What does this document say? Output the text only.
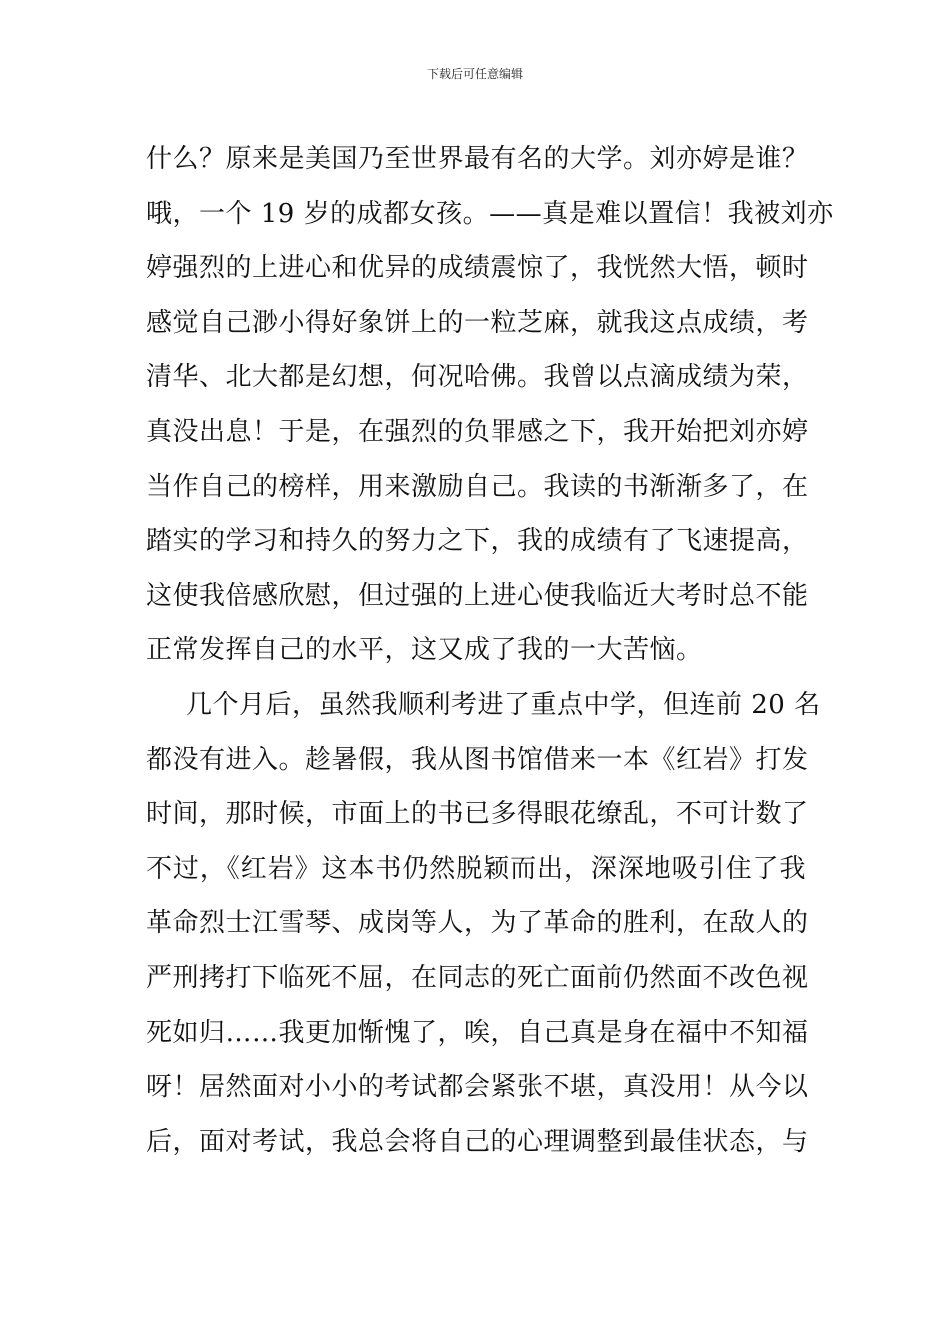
下载后可任意编辑
什么？原来是美国乃至世界最有名的大学。刘亦婷是谁？
哦，一个 19 岁的成都女孩。——真是难以置信！我被刘亦
婷强烈的上进心和优异的成绩震惊了，我恍然大悟，顿时
感觉自己渺小得好象饼上的一粒芝麻，就我这点成绩，考
清华、北大都是幻想，何况哈佛。我曾以点滴成绩为荣，
真没出息！于是，在强烈的负罪感之下，我开始把刘亦婷
当作自己的榜样，用来激励自己。我读的书渐渐多了，在
踏实的学习和持久的努力之下，我的成绩有了飞速提高，
这使我倍感欣慰，但过强的上进心使我临近大考时总不能
正常发挥自己的水平，这又成了我的一大苦恼。
几个月后，虽然我顺利考进了重点中学，但连前 20 名
都没有进入。趁暑假，我从图书馆借来一本《红岩》打发
时间，那时候，市面上的书已多得眼花缭乱，不可计数了
不过，《红岩》这本书仍然脱颖而出，深深地吸引住了我
革命烈士江雪琴、成岗等人，为了革命的胜利，在敌人的
严刑拷打下临死不屈，在同志的死亡面前仍然面不改色视
死如归……我更加惭愧了，唉，自己真是身在福中不知福
呀！居然面对小小的考试都会紧张不堪，真没用！从今以
后，面对考试，我总会将自己的心理调整到最佳状态，与
